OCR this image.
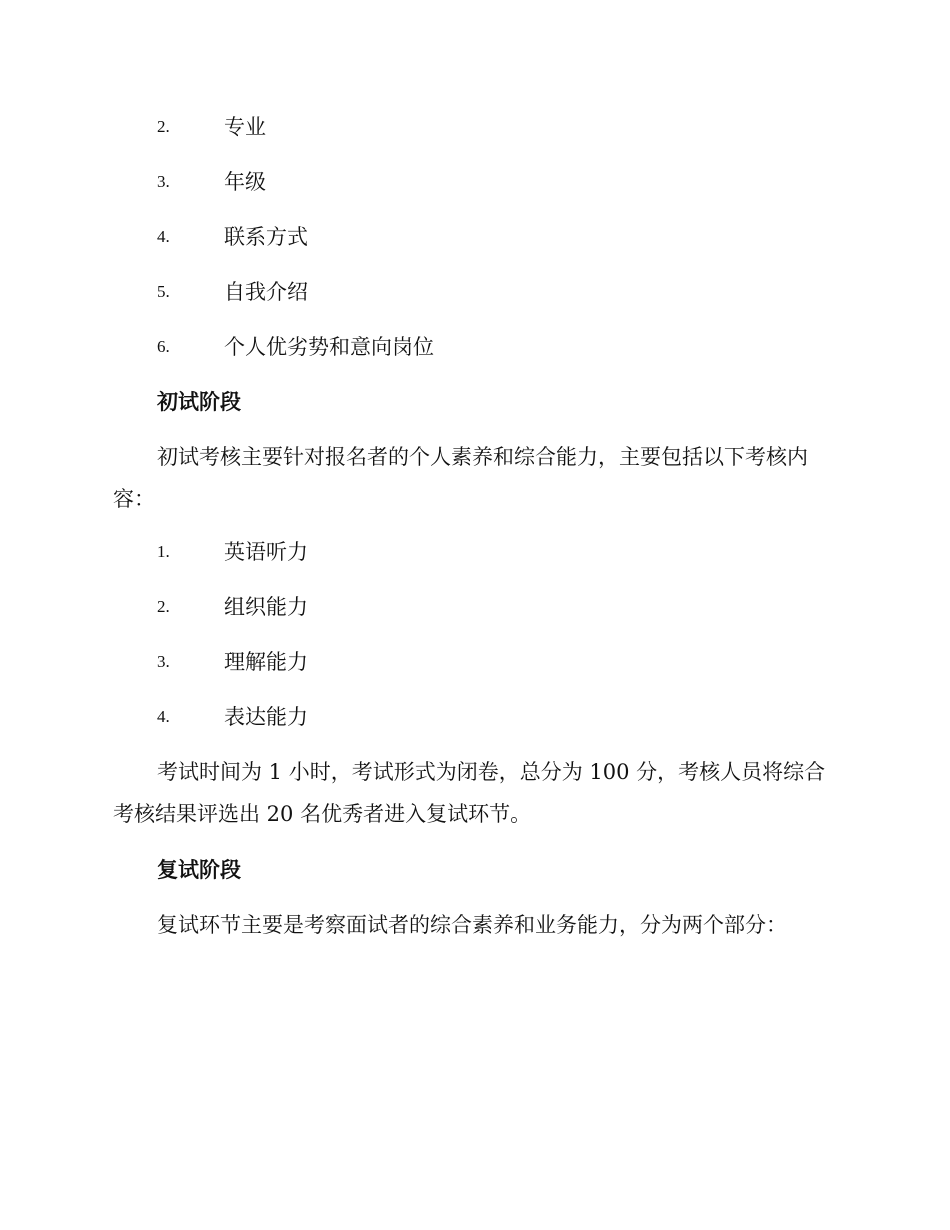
2.	专业
3.	年级
4.	联系方式
5.	自我介绍
6.	个人优劣势和意向岗位
初试阶段

初试考核主要针对报名者的个人素养和综合能力，主要包括以下考核内容：

1.	英语听力
2.	组织能力
3.	理解能力
4.	表达能力

考试时间为 1 小时，考试形式为闭卷，总分为 100 分，考核人员将综合考核结果评选出 20 名优秀者进入复试环节。

复试阶段

复试环节主要是考察面试者的综合素养和业务能力，分为两个部分：
